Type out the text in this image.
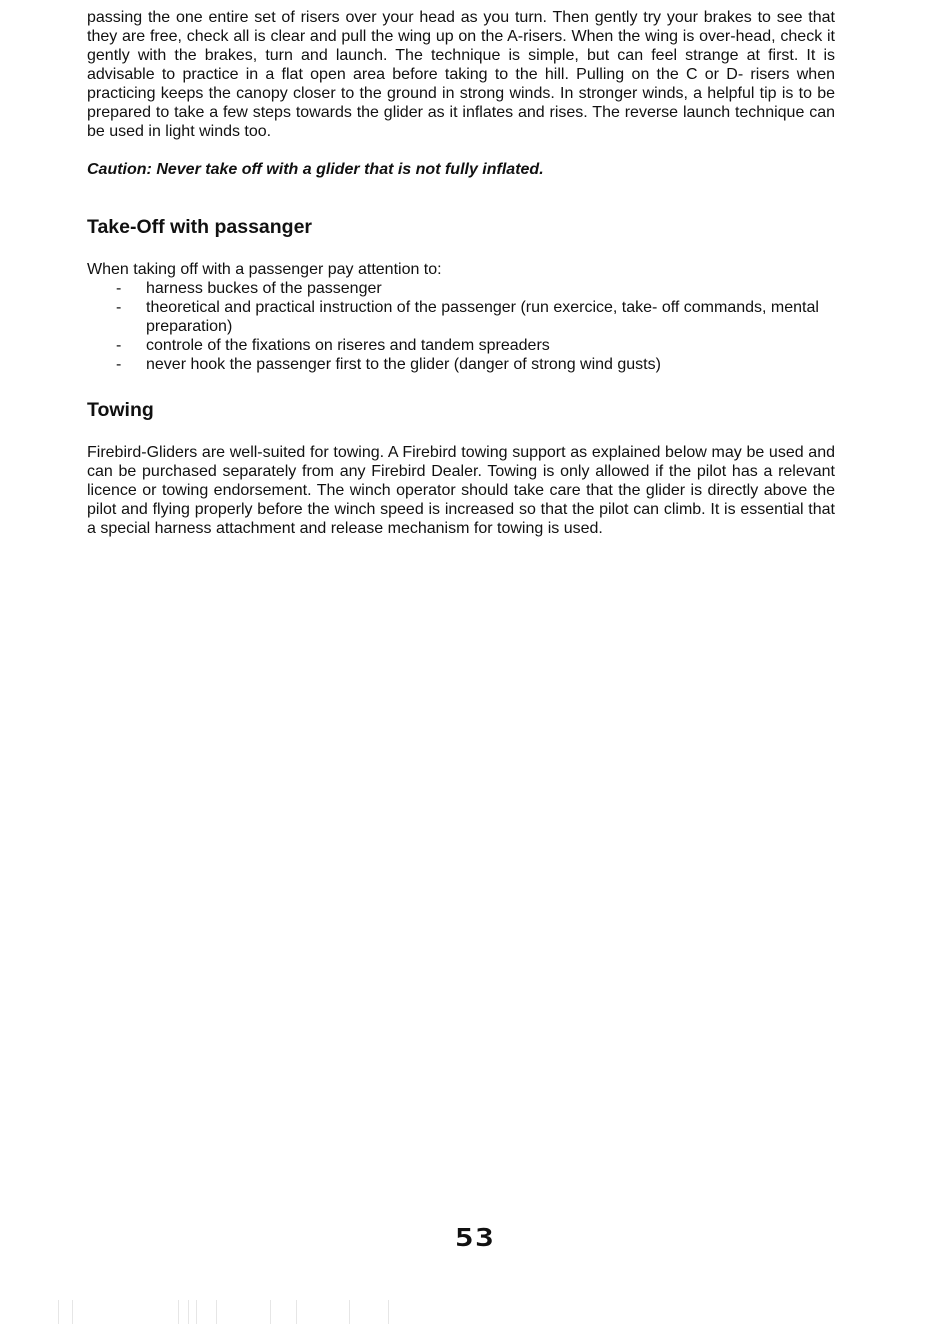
passing the one entire set of risers over your head as you turn. Then gently try your brakes to see that they are free, check all is clear and pull the wing up on the A-risers. When the wing is over-head, check it gently with the brakes, turn and launch. The technique is simple, but can feel strange at first. It is advisable to practice in a flat open area before taking to the hill. Pulling on the C or D- risers when practicing keeps the canopy closer to the ground in strong winds. In stronger winds, a helpful tip is to be prepared to take a few steps towards the glider as it inflates and rises. The reverse launch technique can be used in light winds too.

Caution: Never take off with a glider that is not fully inflated.

Take-Off with passanger

When taking off with a passenger pay attention to:

- harness buckes of the passenger
- theoretical and practical instruction of the passenger (run exercice, take- off commands, mental preparation)
- controle of the fixations on riseres and tandem spreaders
- never hook the passenger first to the glider (danger of strong wind gusts)
Towing

Firebird-Gliders are well-suited for towing. A Firebird towing support as explained below may be used and can be purchased separately from any Firebird Dealer. Towing is only allowed if the pilot has a relevant licence or towing endorsement. The winch operator should take care that the glider is directly above the pilot and flying properly before the winch speed is increased so that the pilot can climb. It is essential that a special harness attachment and release mechanism for towing is used.

53
